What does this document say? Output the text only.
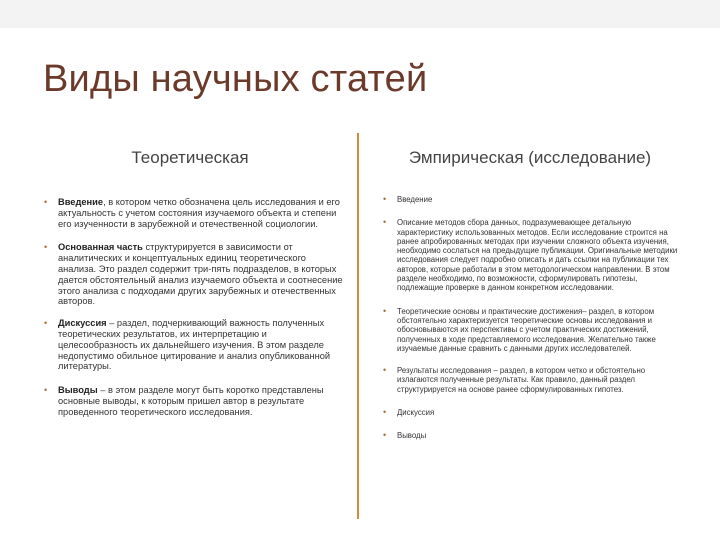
Виды научных статей
Теоретическая	Эмпирическая (исследование)
• Введение, в котором четко обозначена цель исследования и его актуальность с учетом состояния изучаемого объекта и степени его изученности в зарубежной и отечественной социологии.
• Основанная часть структурируется в зависимости от аналитических и концептуальных единиц теоретического анализа. Это раздел содержит три-пять подразделов, в которых дается обстоятельный анализ изучаемого объекта и соотнесение этого анализа с подходами других зарубежных и отечественных авторов.
• Дискуссия – раздел, подчеркивающий важность полученных теоретических результатов, их интерпретацию и целесообразность их дальнейшего изучения. В этом разделе недопустимо обильное цитирование и анализ опубликованной литературы.
• Выводы – в этом разделе могут быть коротко представлены основные выводы, к которым пришел автор в результате проведенного теоретического исследования.
• Введение
• Описание методов сбора данных, подразумевающее детальную характеристику использованных методов. Если исследование строится на ранее апробированных методах при изучении сложного объекта изучения, необходимо сослаться на предыдущие публикации. Оригинальные методики исследования следует подробно описать и дать ссылки на публикации тех авторов, которые работали в этом методологическом направлении. В этом разделе необходимо, по возможности, сформулировать гипотезы, подлежащие проверке в данном конкретном исследовании.
• Теоретические основы и практические достижения– раздел, в котором обстоятельно характеризуется теоретические основы исследования и обосновываются их перспективы с учетом практических достижений, полученных в ходе представляемого исследования. Желательно также изучаемые данные сравнить с данными других исследователей.
• Результаты исследования – раздел, в котором четко и обстоятельно излагаются полученные результаты. Как правило, данный раздел структурируется на основе ранее сформулированных гипотез.
• Дискуссия
• Выводы
